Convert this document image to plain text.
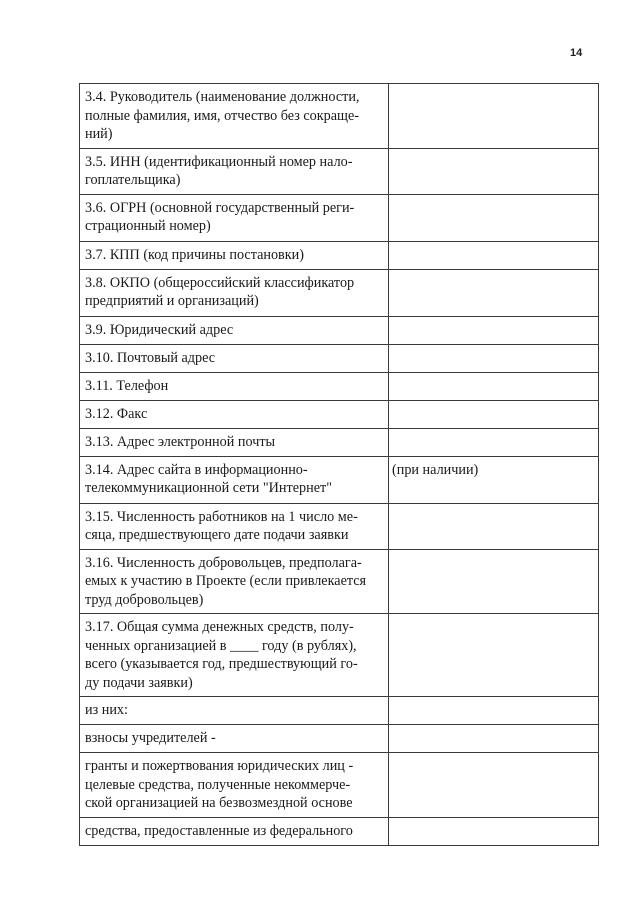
14
3.4. Руководитель (наименование должности,
полные фамилия, имя, отчество без сокраще-
ний)	

3.5. ИНН (идентификационный номер нало-
гоплательщика)	

3.6. ОГРН (основной государственный реги-
страционный номер)	

3.7. КПП (код причины постановки)	

3.8. ОКПО (общероссийский классификатор
предприятий и организаций)	

3.9. Юридический адрес	

3.10. Почтовый адрес	

3.11. Телефон	

3.12. Факс	

3.13. Адрес электронной почты	

3.14. Адрес сайта в информационно-
телекоммуникационной сети "Интернет"	(при наличии)

3.15. Численность работников на 1 число ме-
сяца, предшествующего дате подачи заявки	

3.16. Численность добровольцев, предполага-
емых к участию в Проекте (если привлекается
труд добровольцев)	

3.17. Общая сумма денежных средств, полу-
ченных организацией в ____ году (в рублях),
всего (указывается год, предшествующий го-
ду подачи заявки)	

из них:	

взносы учредителей -	

гранты и пожертвования юридических лиц -
целевые средства, полученные некоммерче-
ской организацией на безвозмездной основе	

средства, предоставленные из федерального	
